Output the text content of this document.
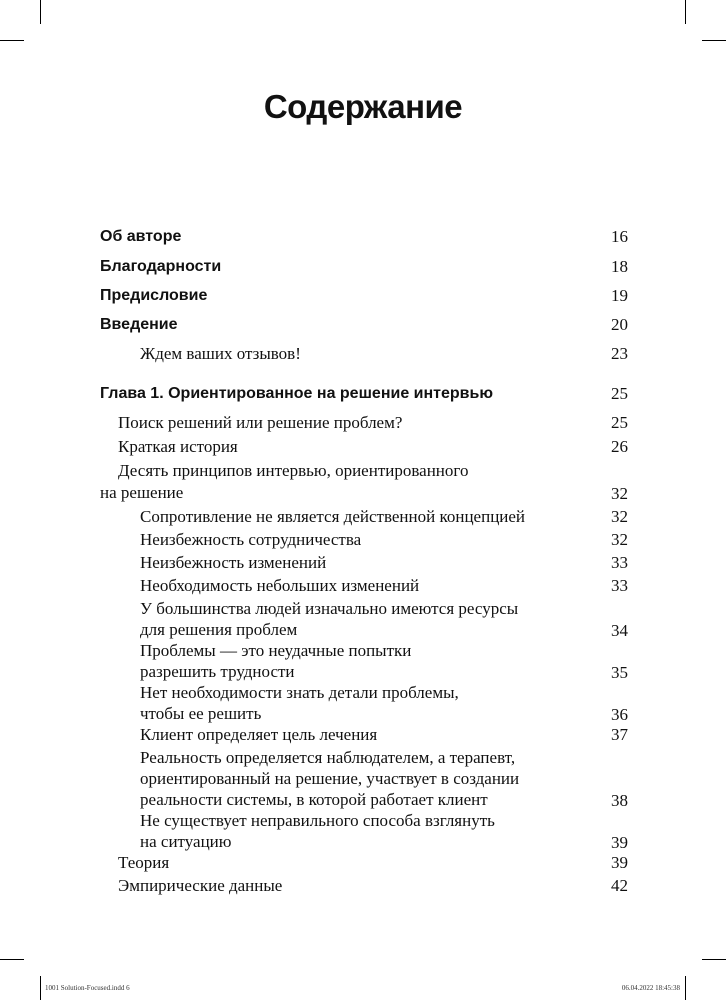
Содержание
Об авторе	16
Благодарности	18
Предисловие	19
Введение	20
Ждем ваших отзывов!	23
Глава 1. Ориентированное на решение интервью	25
Поиск решений или решение проблем?	25
Краткая история	26
Десять принципов интервью, ориентированного
на решение	32
Сопротивление не является действенной концепцией	32
Неизбежность сотрудничества	32
Неизбежность изменений	33
Необходимость небольших изменений	33
У большинства людей изначально имеются ресурсы
для решения проблем	34
Проблемы — это неудачные попытки
разрешить трудности	35
Нет необходимости знать детали проблемы,
чтобы ее решить	36
Клиент определяет цель лечения	37
Реальность определяется наблюдателем, а терапевт,
ориентированный на решение, участвует в создании
реальности системы, в которой работает клиент	38
Не существует неправильного способа взглянуть
на ситуацию	39
Теория	39
Эмпирические данные	42
1001 Solution-Focused.indd 6	06.04.2022 18:45:38
